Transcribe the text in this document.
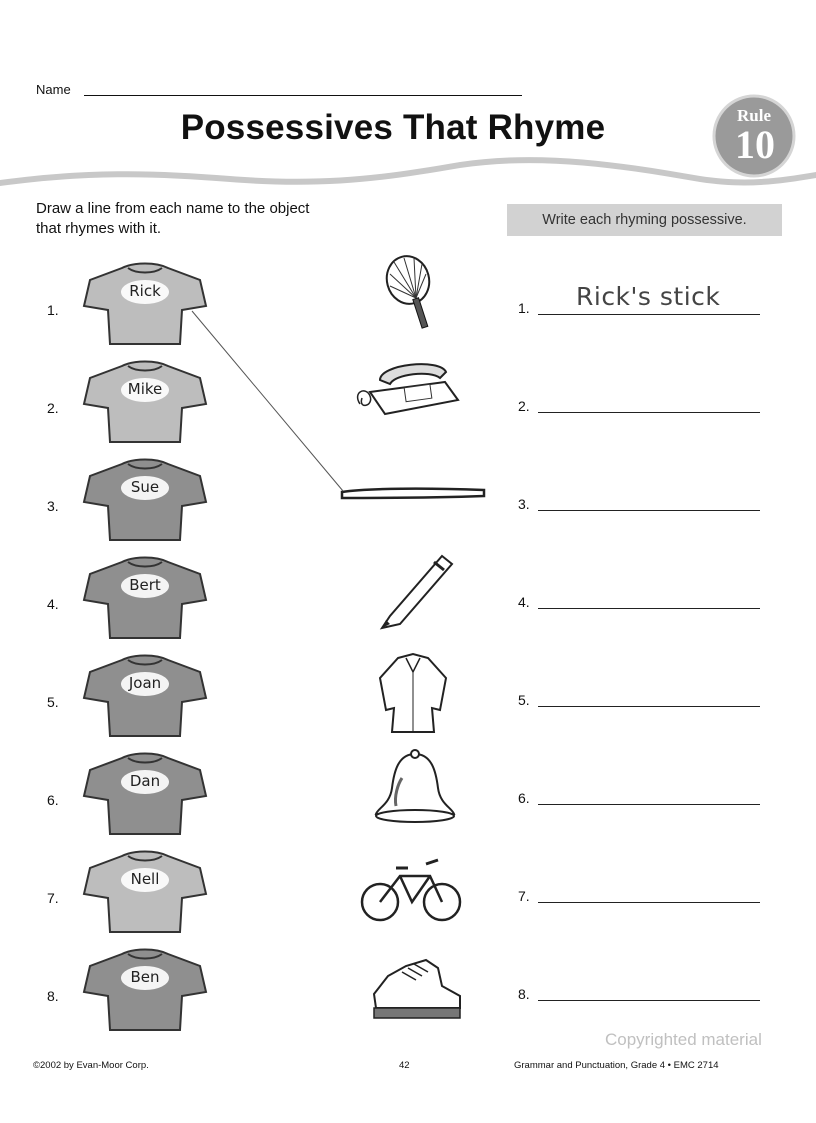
Name
Possessives That Rhyme	Rule
10
Draw a line from each name to the object
that rhymes with it.	Write each rhyming possessive.
1.
Rick
1. Rick's stick
2.
Mike
2.
3.
Sue
3.
4.
Bert
4.
5.
Joan
5.
6.
Dan
6.
7.
Nell
7.
8.
Ben
8.
Copyrighted material
©2002 by Evan-Moor Corp.	42	Grammar and Punctuation, Grade 4 • EMC 2714
